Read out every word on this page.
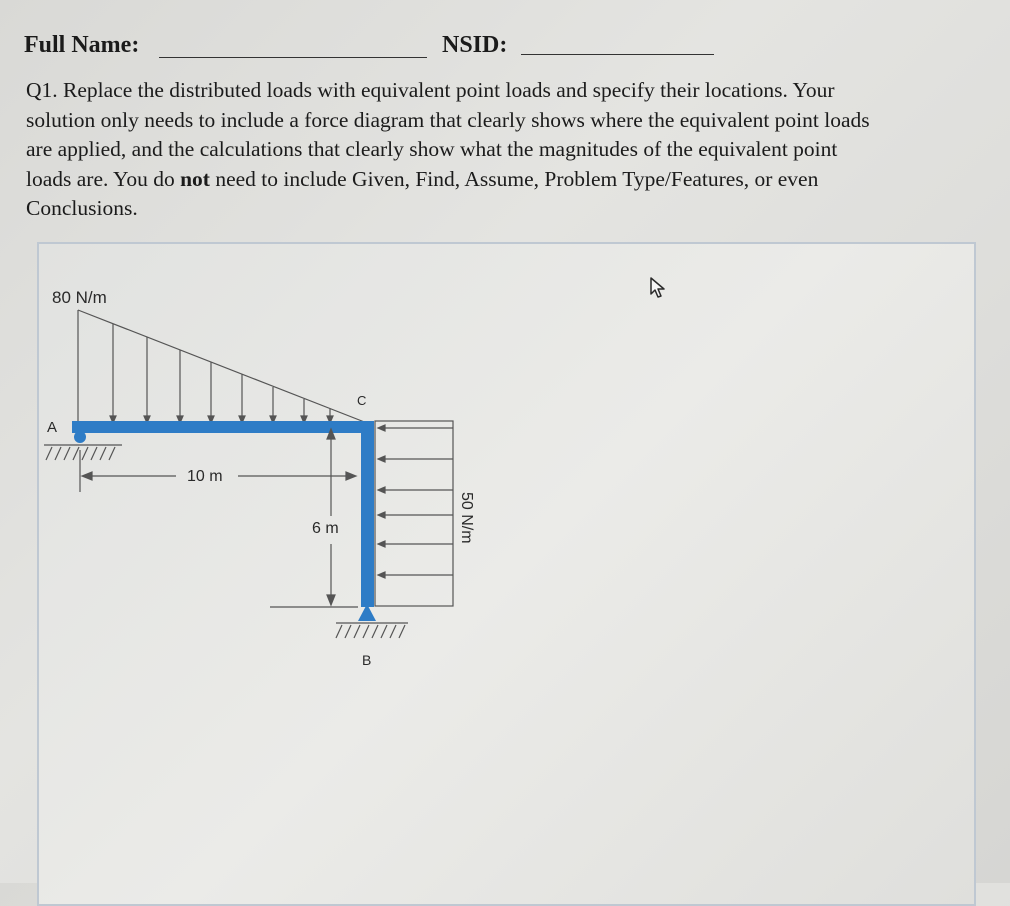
Full Name:	NSID:
Q1. Replace the distributed loads with equivalent point loads and specify their locations. Your
solution only needs to include a force diagram that clearly shows where the equivalent point loads
are applied, and the calculations that clearly show what the magnitudes of the equivalent point
loads are. You do not need to include Given, Find, Assume, Problem Type/Features, or even
Conclusions.
80 N/m
A
C
B
10 m
6 m	50 N/m
